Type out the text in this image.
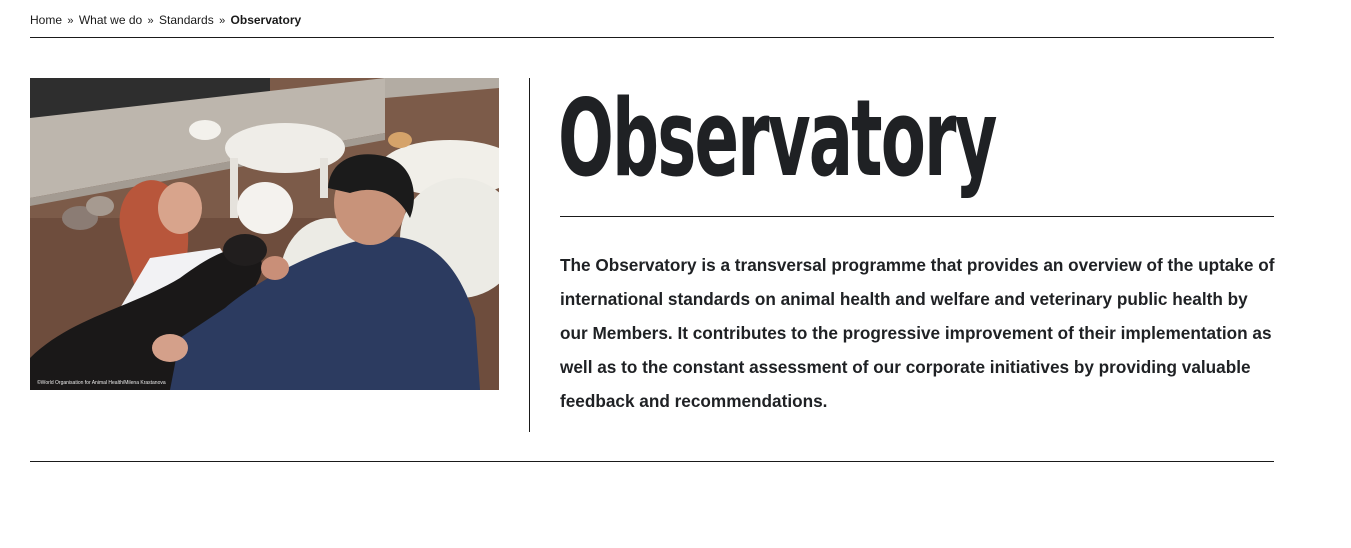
Home » What we do » Standards » Observatory
©World Organisation for Animal Health/Milena Krastanova
Observatory

The Observatory is a transversal programme that provides an overview of the uptake of international standards on animal health and welfare and veterinary public health by our Members. It contributes to the progressive improvement of their implementation as well as to the constant assessment of our corporate initiatives by providing valuable feedback and recommendations.
